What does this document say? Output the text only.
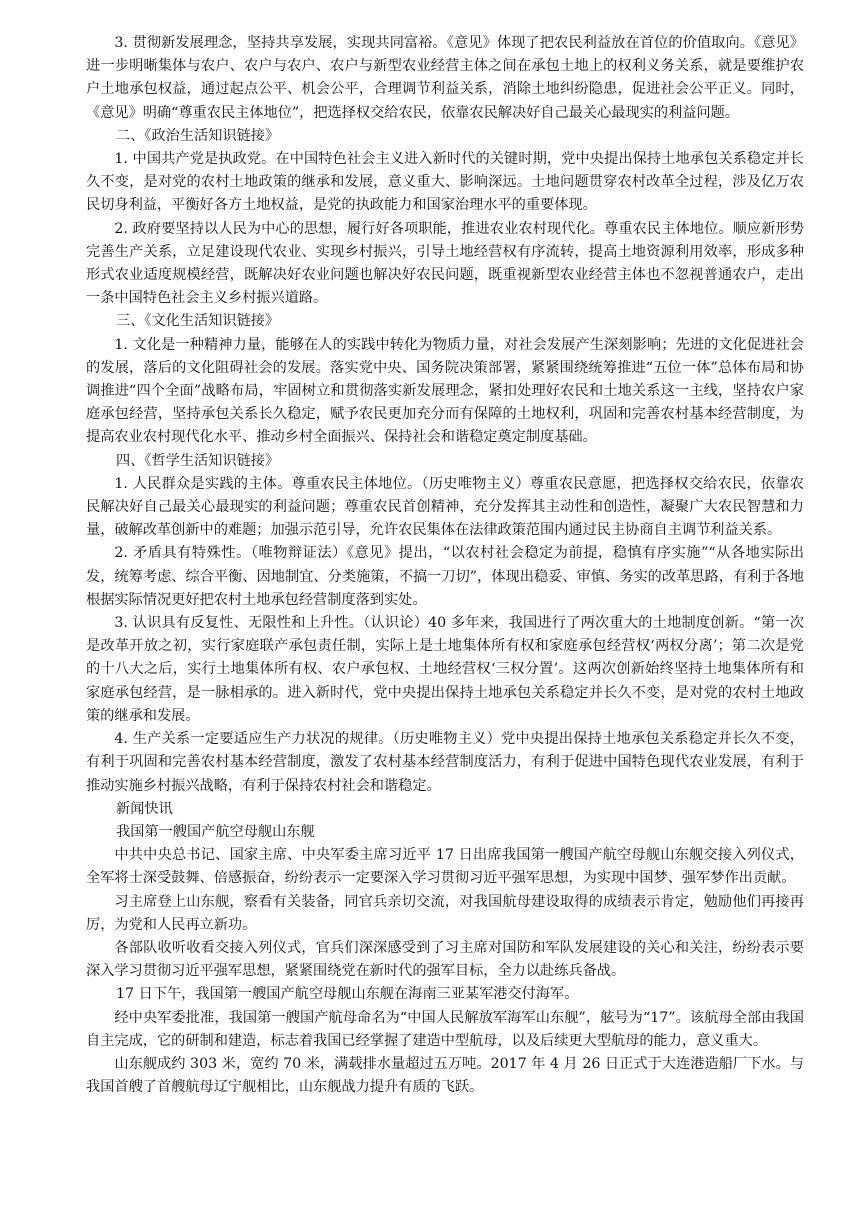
3. 贯彻新发展理念，坚持共享发展，实现共同富裕。《意见》体现了把农民利益放在首位的价值取向。《意见》进一步明晰集体与农户、农户与农户、农户与新型农业经营主体之间在承包土地上的权利义务关系，就是要维护农户土地承包权益，通过起点公平、机会公平，合理调节利益关系，消除土地纠纷隐患，促进社会公平正义。同时，《意见》明确“尊重农民主体地位”，把选择权交给农民，依靠农民解决好自己最关心最现实的利益问题。

二、《政治生活知识链接》

1. 中国共产党是执政党。在中国特色社会主义进入新时代的关键时期，党中央提出保持土地承包关系稳定并长久不变，是对党的农村土地政策的继承和发展，意义重大、影响深远。土地问题贯穿农村改革全过程，涉及亿万农民切身利益，平衡好各方土地权益，是党的执政能力和国家治理水平的重要体现。

2. 政府要坚持以人民为中心的思想，履行好各项职能，推进农业农村现代化。尊重农民主体地位。顺应新形势完善生产关系，立足建设现代农业、实现乡村振兴，引导土地经营权有序流转，提高土地资源利用效率，形成多种形式农业适度规模经营，既解决好农业问题也解决好农民问题，既重视新型农业经营主体也不忽视普通农户，走出一条中国特色社会主义乡村振兴道路。

三、《文化生活知识链接》

1. 文化是一种精神力量，能够在人的实践中转化为物质力量，对社会发展产生深刻影响；先进的文化促进社会的发展，落后的文化阻碍社会的发展。落实党中央、国务院决策部署，紧紧围绕统筹推进“五位一体”总体布局和协调推进“四个全面”战略布局，牢固树立和贯彻落实新发展理念，紧扣处理好农民和土地关系这一主线，坚持农户家庭承包经营，坚持承包关系长久稳定，赋予农民更加充分而有保障的土地权利，巩固和完善农村基本经营制度，为提高农业农村现代化水平、推动乡村全面振兴、保持社会和谐稳定奠定制度基础。

四、《哲学生活知识链接》

1. 人民群众是实践的主体。尊重农民主体地位。（历史唯物主义）尊重农民意愿，把选择权交给农民，依靠农民解决好自己最关心最现实的利益问题；尊重农民首创精神，充分发挥其主动性和创造性，凝聚广大农民智慧和力量，破解改革创新中的难题；加强示范引导，允许农民集体在法律政策范围内通过民主协商自主调节利益关系。

2. 矛盾具有特殊性。（唯物辩证法）《意见》提出，“以农村社会稳定为前提，稳慎有序实施”“从各地实际出发，统筹考虑、综合平衡、因地制宜、分类施策，不搞一刀切”，体现出稳妥、审慎、务实的改革思路，有利于各地根据实际情况更好把农村土地承包经营制度落到实处。

3. 认识具有反复性、无限性和上升性。（认识论）40 多年来，我国进行了两次重大的土地制度创新。“第一次是改革开放之初，实行家庭联产承包责任制，实际上是土地集体所有权和家庭承包经营权‘两权分离’；第二次是党的十八大之后，实行土地集体所有权、农户承包权、土地经营权‘三权分置’。这两次创新始终坚持土地集体所有和家庭承包经营，是一脉相承的。进入新时代，党中央提出保持土地承包关系稳定并长久不变，是对党的农村土地政策的继承和发展。

4. 生产关系一定要适应生产力状况的规律。（历史唯物主义）党中央提出保持土地承包关系稳定并长久不变，有利于巩固和完善农村基本经营制度，激发了农村基本经营制度活力，有利于促进中国特色现代农业发展，有利于推动实施乡村振兴战略，有利于保持农村社会和谐稳定。

新闻快讯

我国第一艘国产航空母舰山东舰

中共中央总书记、国家主席、中央军委主席习近平 17 日出席我国第一艘国产航空母舰山东舰交接入列仪式，全军将士深受鼓舞、倍感振奋，纷纷表示一定要深入学习贯彻习近平强军思想，为实现中国梦、强军梦作出贡献。

习主席登上山东舰，察看有关装备，同官兵亲切交流，对我国航母建设取得的成绩表示肯定，勉励他们再接再厉，为党和人民再立新功。

各部队收听收看交接入列仪式，官兵们深深感受到了习主席对国防和军队发展建设的关心和关注，纷纷表示要深入学习贯彻习近平强军思想，紧紧围绕党在新时代的强军目标，全力以赴练兵备战。

17 日下午，我国第一艘国产航空母舰山东舰在海南三亚某军港交付海军。

经中央军委批准，我国第一艘国产航母命名为“中国人民解放军海军山东舰”，舷号为“17”。该航母全部由我国自主完成，它的研制和建造，标志着我国已经掌握了建造中型航母，以及后续更大型航母的能力，意义重大。

山东舰成约 303 米，宽约 70 米，满载排水量超过五万吨。2017 年 4 月 26 日正式于大连港造船厂下水。与我国首艘了首艘航母辽宁舰相比，山东舰战力提升有质的飞跃。
